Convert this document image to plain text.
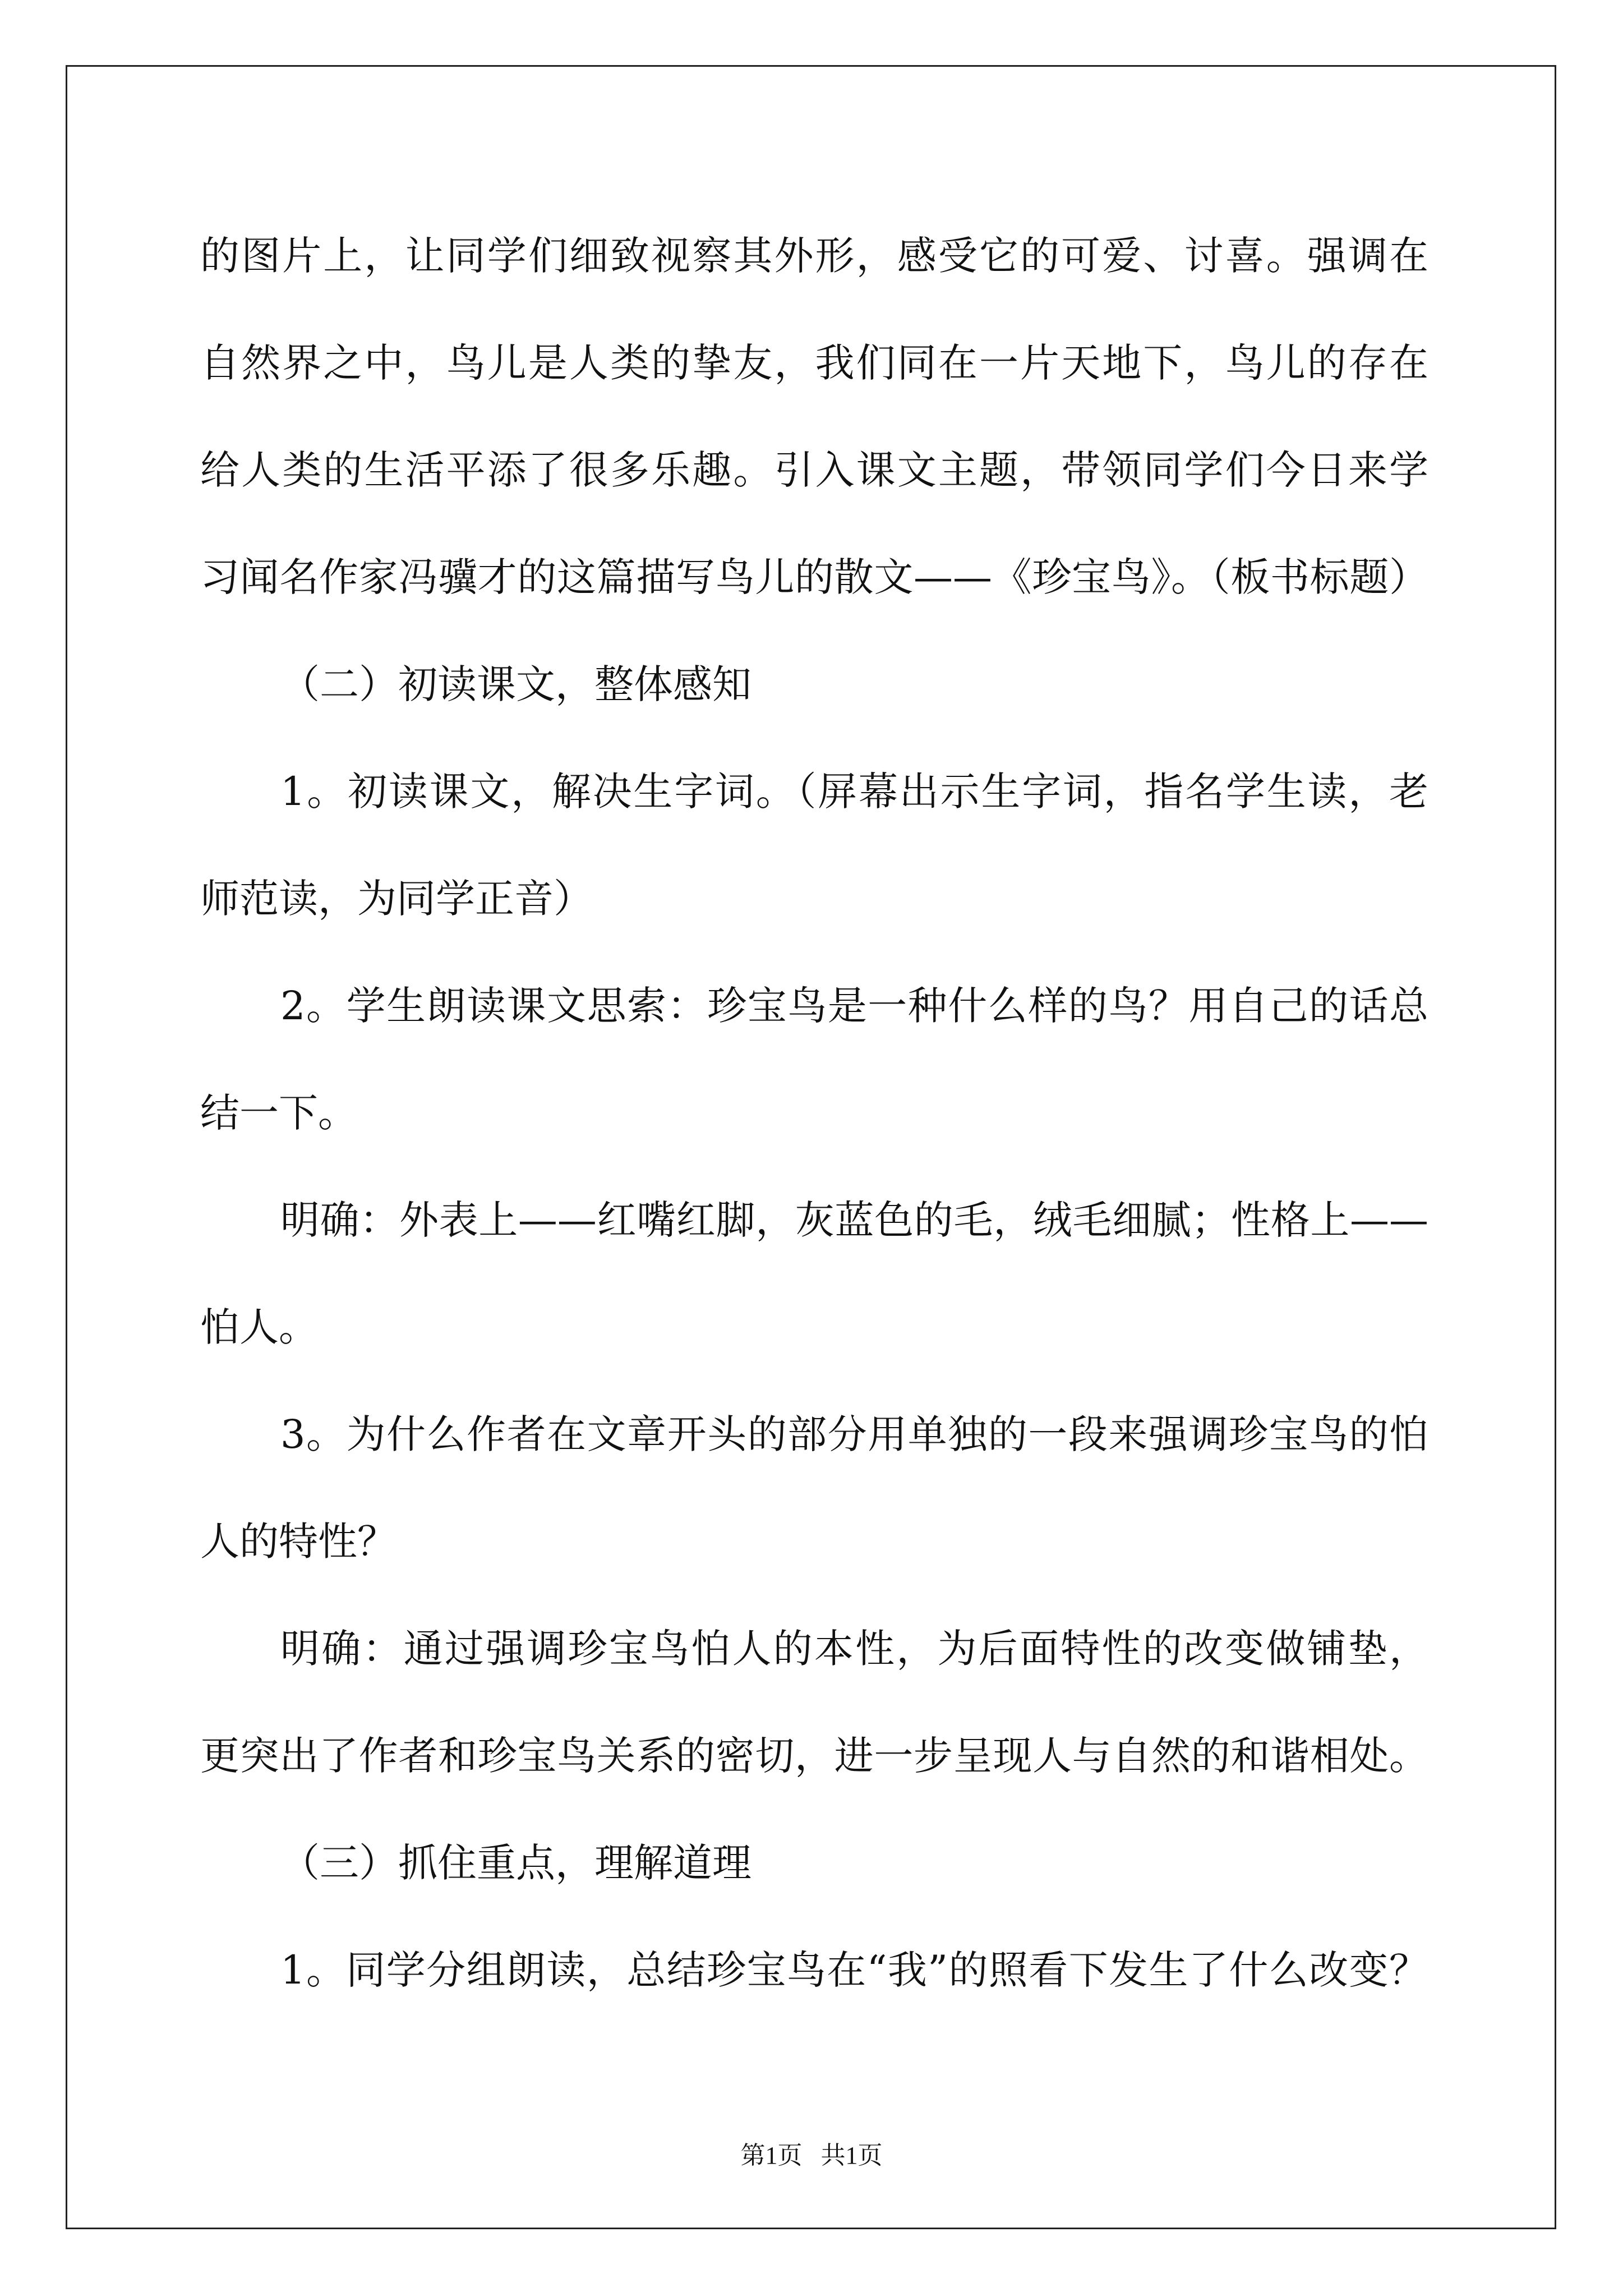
的图片上，让同学们细致视察其外形，感受它的可爱、讨喜。强调在
自然界之中，鸟儿是人类的挚友，我们同在一片天地下，鸟儿的存在
给人类的生活平添了很多乐趣。引入课文主题，带领同学们今日来学
习闻名作家冯骥才的这篇描写鸟儿的散文——《珍宝鸟》。（板书标题）
（二）初读课文，整体感知
1。初读课文，解决生字词。（屏幕出示生字词，指名学生读，老
师范读，为同学正音）
2。学生朗读课文思索：珍宝鸟是一种什么样的鸟？用自己的话总
结一下。
明确：外表上——红嘴红脚，灰蓝色的毛，绒毛细腻；性格上——
怕人。
3。为什么作者在文章开头的部分用单独的一段来强调珍宝鸟的怕
人的特性？
明确：通过强调珍宝鸟怕人的本性，为后面特性的改变做铺垫，
更突出了作者和珍宝鸟关系的密切，进一步呈现人与自然的和谐相处。
（三）抓住重点，理解道理
1。同学分组朗读，总结珍宝鸟在“我”的照看下发生了什么改变？
第1页   共1页
